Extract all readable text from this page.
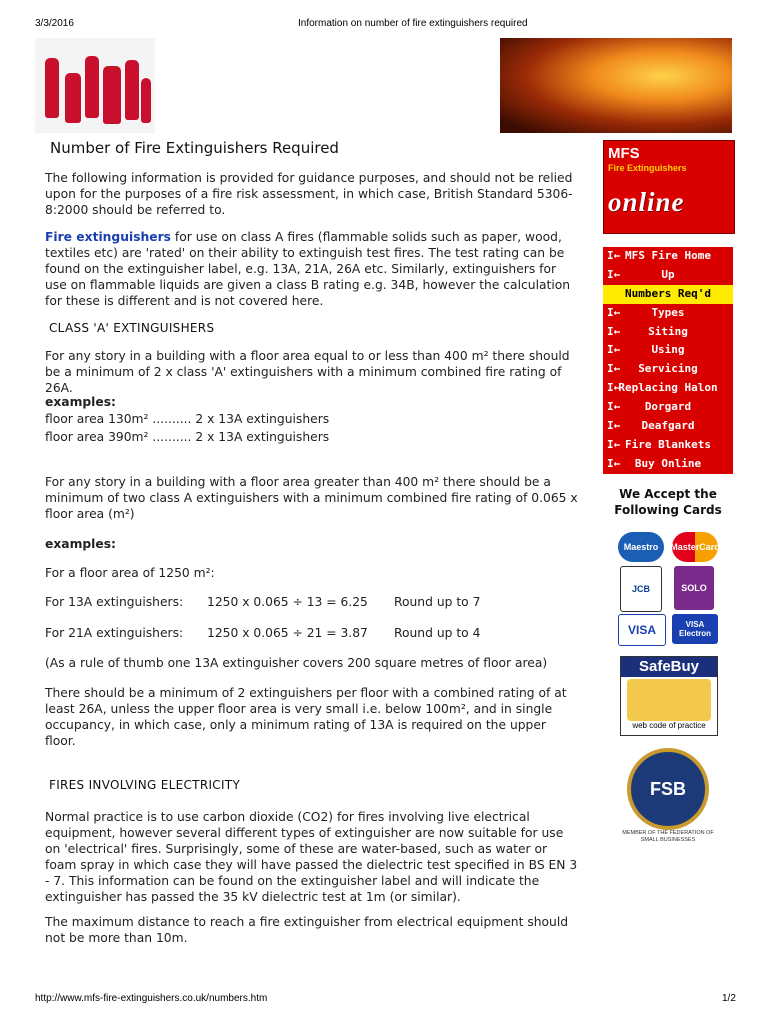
3/3/2016	Information on number of fire extinguishers required
Number of Fire Extinguishers Required
The following information is provided for guidance purposes, and should not be relied upon for the purposes of a fire risk assessment, in which case, British Standard 5306-8:2000 should be referred to.
Fire extinguishers for use on class A fires (flammable solids such as paper, wood, textiles etc) are 'rated' on their ability to extinguish test fires. The test rating can be found on the extinguisher label, e.g. 13A, 21A, 26A etc. Similarly, extinguishers for use on flammable liquids are given a class B rating e.g. 34B, however the calculation for these is different and is not covered here.
CLASS 'A' EXTINGUISHERS
For any story in a building with a floor area equal to or less than 400 m² there should be a minimum of 2 x class 'A' extinguishers with a minimum combined fire rating of 26A.
examples:
floor area 130m² .......... 2 x 13A extinguishers
floor area 390m² .......... 2 x 13A extinguishers
For any story in a building with a floor area greater than 400 m² there should be a minimum of two class A extinguishers with a minimum combined fire rating of 0.065 x floor area (m²)
examples:
For a floor area of 1250 m²:
For 13A extinguishers: 1250 x 0.065 ÷ 13 = 6.25 Round up to 7
For 21A extinguishers: 1250 x 0.065 ÷ 21 = 3.87 Round up to 4
(As a rule of thumb one 13A extinguisher covers 200 square metres of floor area)
There should be a minimum of 2 extinguishers per floor with a combined rating of at least 26A, unless the upper floor area is very small i.e. below 100m², and in single occupancy, in which case, only a minimum rating of 13A is required on the upper floor.
FIRES INVOLVING ELECTRICITY
Normal practice is to use carbon dioxide (CO2) for fires involving live electrical equipment, however several different types of extinguisher are now suitable for use on 'electrical' fires. Surprisingly, some of these are water-based, such as water or foam spray in which case they will have passed the dielectric test specified in BS EN 3 - 7. This information can be found on the extinguisher label and will indicate the extinguisher has passed the 35 kV dielectric test at 1m (or similar).
The maximum distance to reach a fire extinguisher from electrical equipment should not be more than 10m.
MFS
Fire Extinguishers
online
I← MFS Fire Home
I←	Up
Numbers Req'd
I←	Types
I←	Siting
I←	Using
I← Servicing
I←
Replacing Halon
I← Dorgard
I← Deafgard
I← Fire Blankets
I← Buy Online
We Accept the
Following Cards
Maestro	MasterCard
JCB	SOLO
VISA	VISA Electron
SafeBuy
web code of practice
FSB
MEMBER OF THE FEDERATION OF SMALL BUSINESSES
http://www.mfs-fire-extinguishers.co.uk/numbers.htm	1/2
